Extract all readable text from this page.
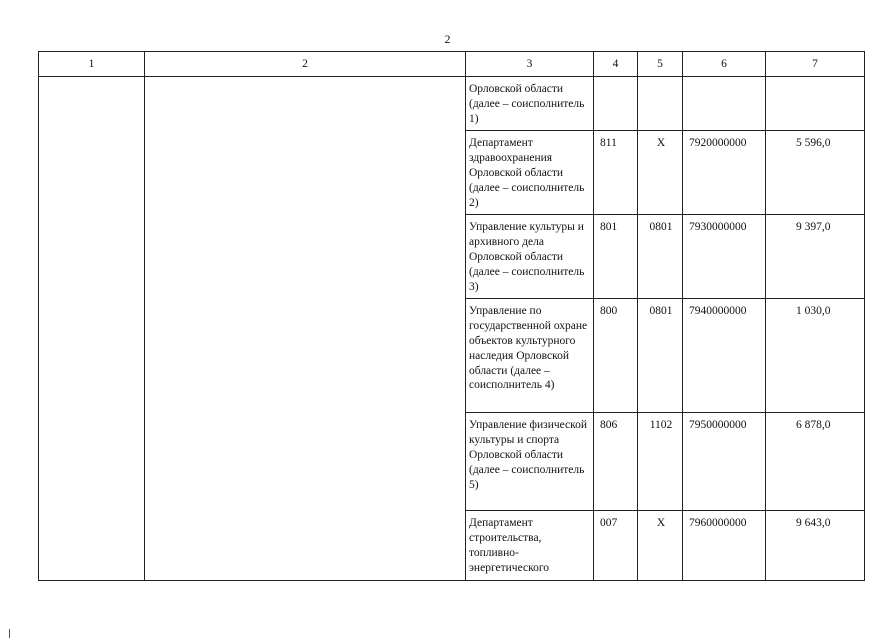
2
1	2	3	4	5	6	7

		Орловской области (далее – соисполнитель 1)				

		Департамент здравоохранения Орловской области (далее – соисполнитель 2)	811	Х	7920000000	5 596,0

		Управление культуры и архивного дела Орловской области (далее – соисполнитель 3)	801	0801	7930000000	9 397,0

		Управление по государственной охране объектов культурного наследия Орловской области (далее – соисполнитель 4)	800	0801	7940000000	1 030,0

		Управление физической культуры и спорта Орловской области (далее – соисполнитель 5)	806	1102	7950000000	6 878,0

		Департамент строительства, топливно-энергетического	007	Х	7960000000	9 643,0
